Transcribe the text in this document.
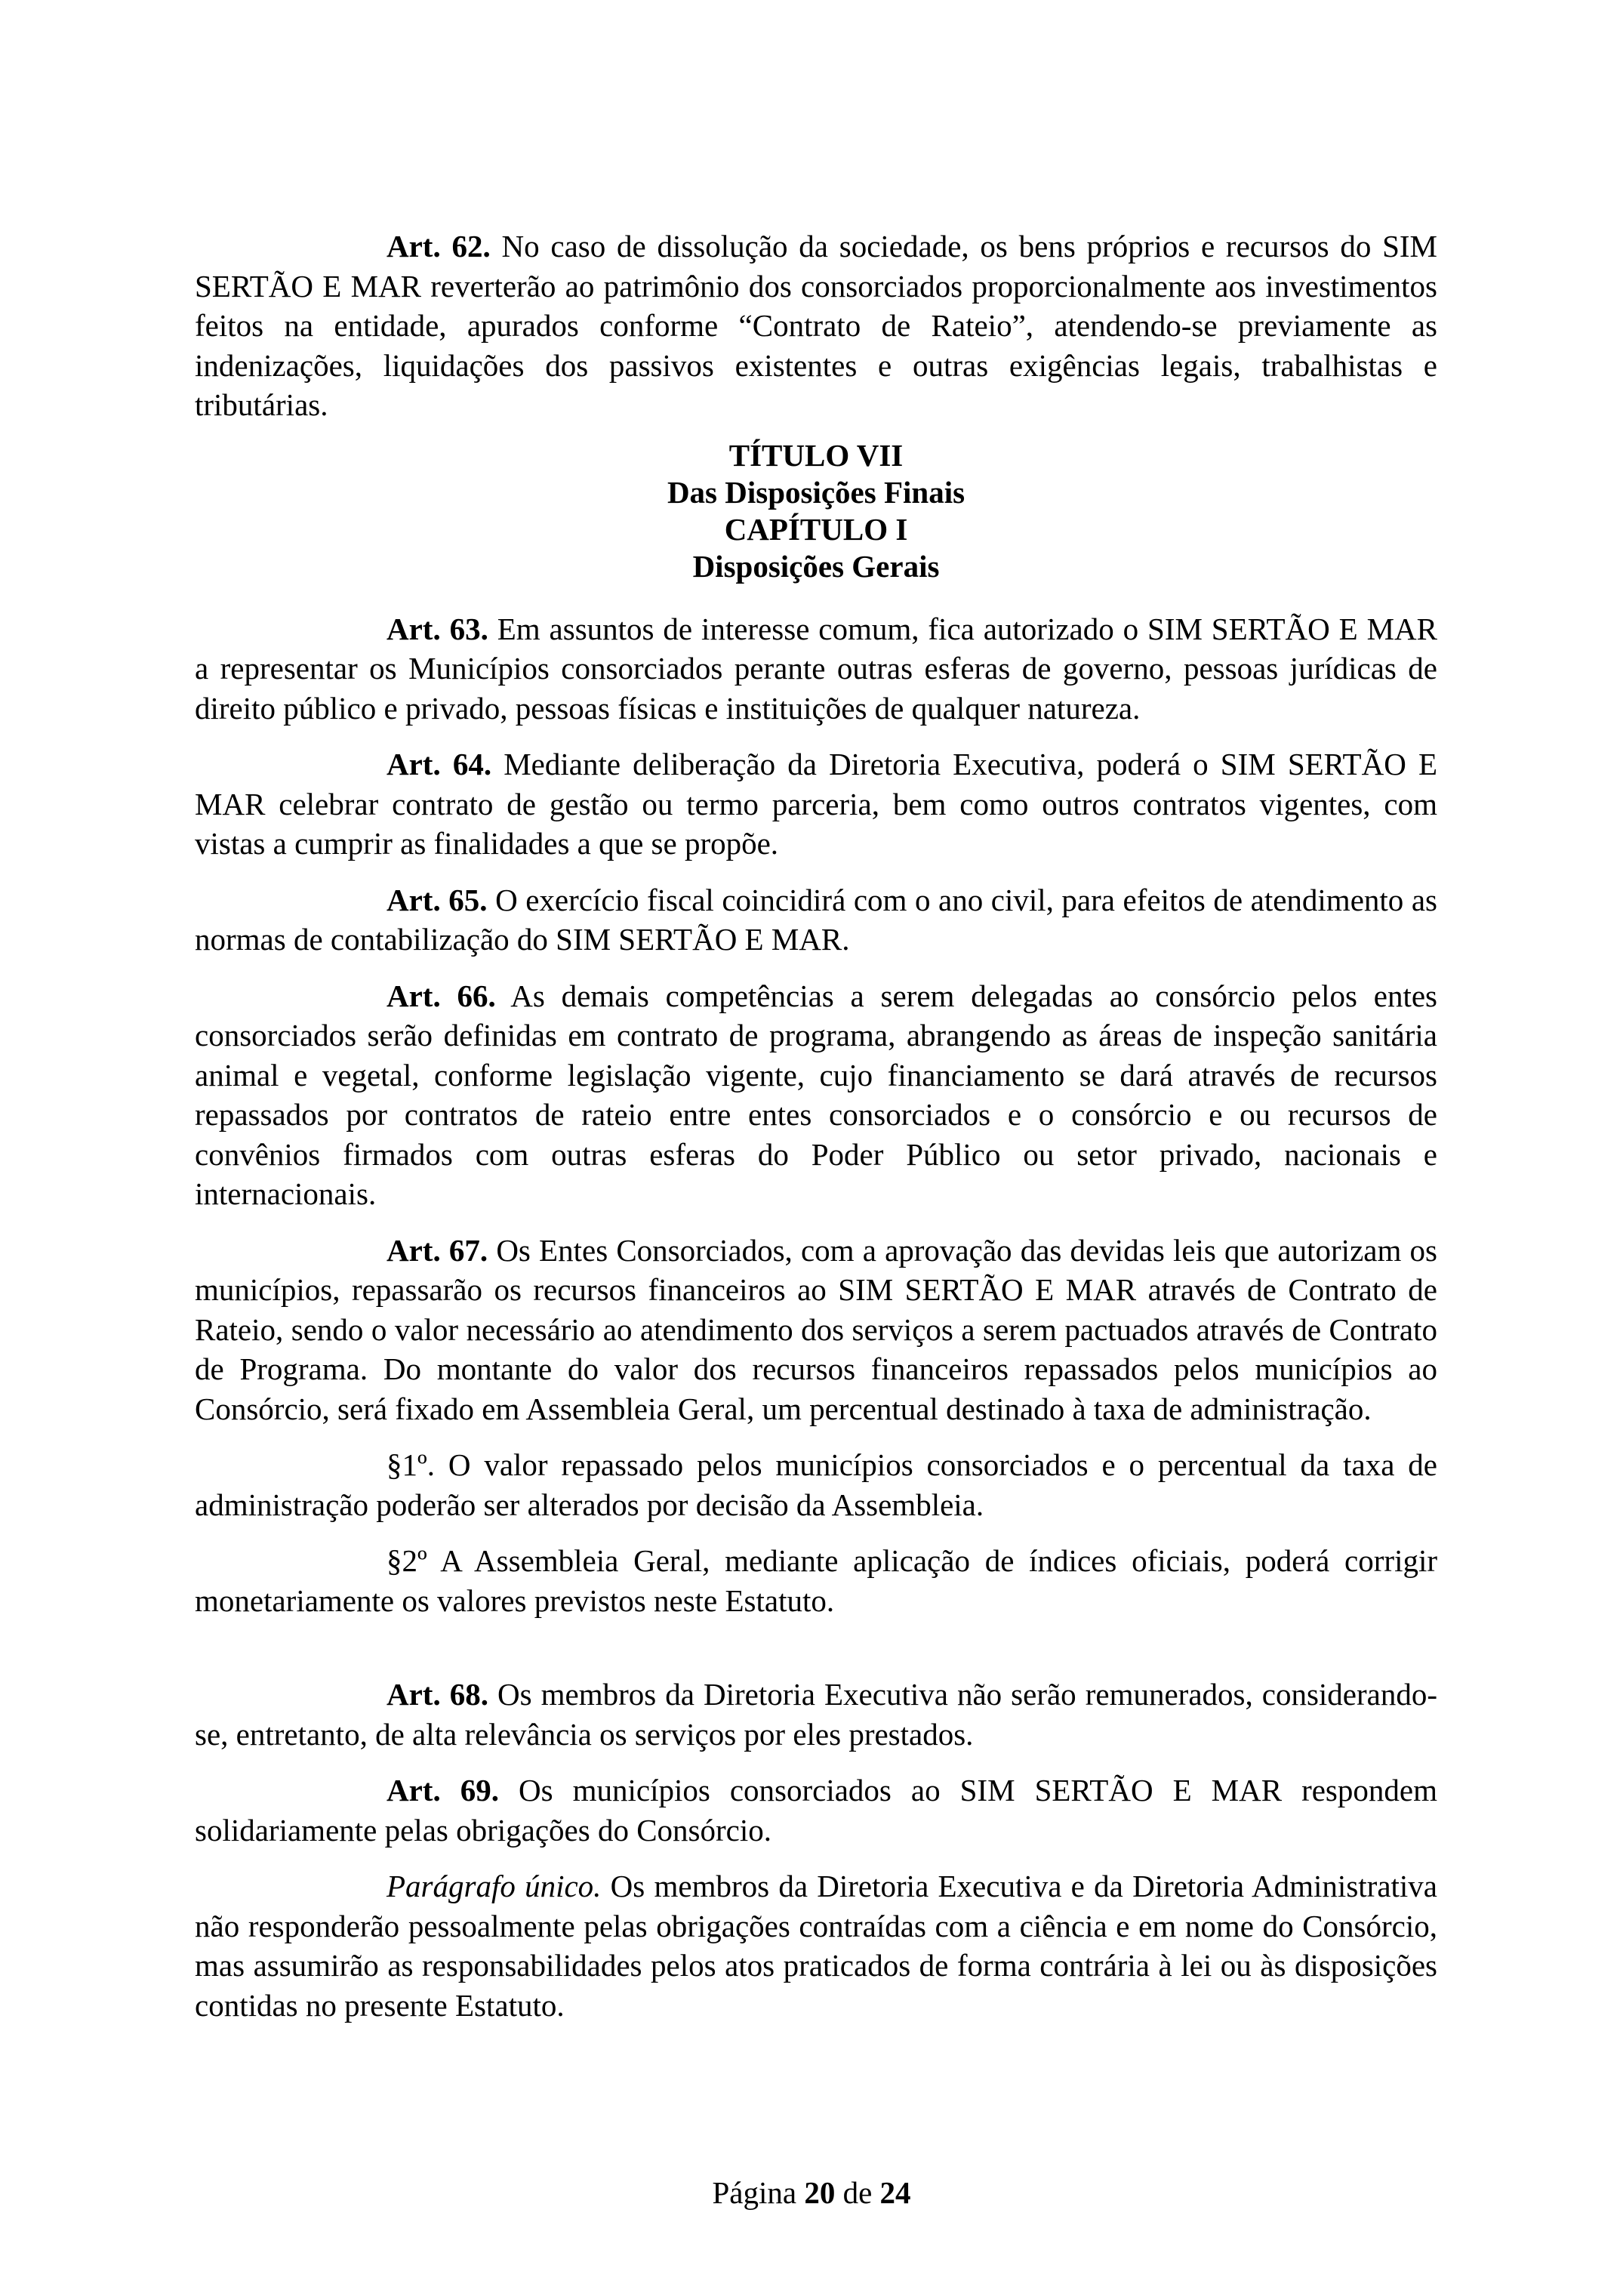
Art. 62. No caso de dissolução da sociedade, os bens próprios e recursos do SIM SERTÃO E MAR reverterão ao patrimônio dos consorciados proporcionalmente aos investimentos feitos na entidade, apurados conforme “Contrato de Rateio”, atendendo-se previamente as indenizações, liquidações dos passivos existentes e outras exigências legais, trabalhistas e tributárias.

TÍTULO VII
Das Disposições Finais
CAPÍTULO I
Disposições Gerais

Art. 63. Em assuntos de interesse comum, fica autorizado o SIM SERTÃO E MAR a representar os Municípios consorciados perante outras esferas de governo, pessoas jurídicas de direito público e privado, pessoas físicas e instituições de qualquer natureza.

Art. 64. Mediante deliberação da Diretoria Executiva, poderá o SIM SERTÃO E MAR celebrar contrato de gestão ou termo parceria, bem como outros contratos vigentes, com vistas a cumprir as finalidades a que se propõe.

Art. 65. O exercício fiscal coincidirá com o ano civil, para efeitos de atendimento as normas de contabilização do SIM SERTÃO E MAR.

Art. 66. As demais competências a serem delegadas ao consórcio pelos entes consorciados serão definidas em contrato de programa, abrangendo as áreas de inspeção sanitária animal e vegetal, conforme legislação vigente, cujo financiamento se dará através de recursos repassados por contratos de rateio entre entes consorciados e o consórcio e ou recursos de convênios firmados com outras esferas do Poder Público ou setor privado, nacionais e internacionais.

Art. 67. Os Entes Consorciados, com a aprovação das devidas leis que autorizam os municípios, repassarão os recursos financeiros ao SIM SERTÃO E MAR através de Contrato de Rateio, sendo o valor necessário ao atendimento dos serviços a serem pactuados através de Contrato de Programa. Do montante do valor dos recursos financeiros repassados pelos municípios ao Consórcio, será fixado em Assembleia Geral, um percentual destinado à taxa de administração.

§1º. O valor repassado pelos municípios consorciados e o percentual da taxa de administração poderão ser alterados por decisão da Assembleia.

§2º A Assembleia Geral, mediante aplicação de índices oficiais, poderá corrigir monetariamente os valores previstos neste Estatuto.

Art. 68. Os membros da Diretoria Executiva não serão remunerados, considerando-se, entretanto, de alta relevância os serviços por eles prestados.

Art. 69. Os municípios consorciados ao SIM SERTÃO E MAR respondem solidariamente pelas obrigações do Consórcio.

Parágrafo único. Os membros da Diretoria Executiva e da Diretoria Administrativa não responderão pessoalmente pelas obrigações contraídas com a ciência e em nome do Consórcio, mas assumirão as responsabilidades pelos atos praticados de forma contrária à lei ou às disposições contidas no presente Estatuto.

Página 20 de 24
